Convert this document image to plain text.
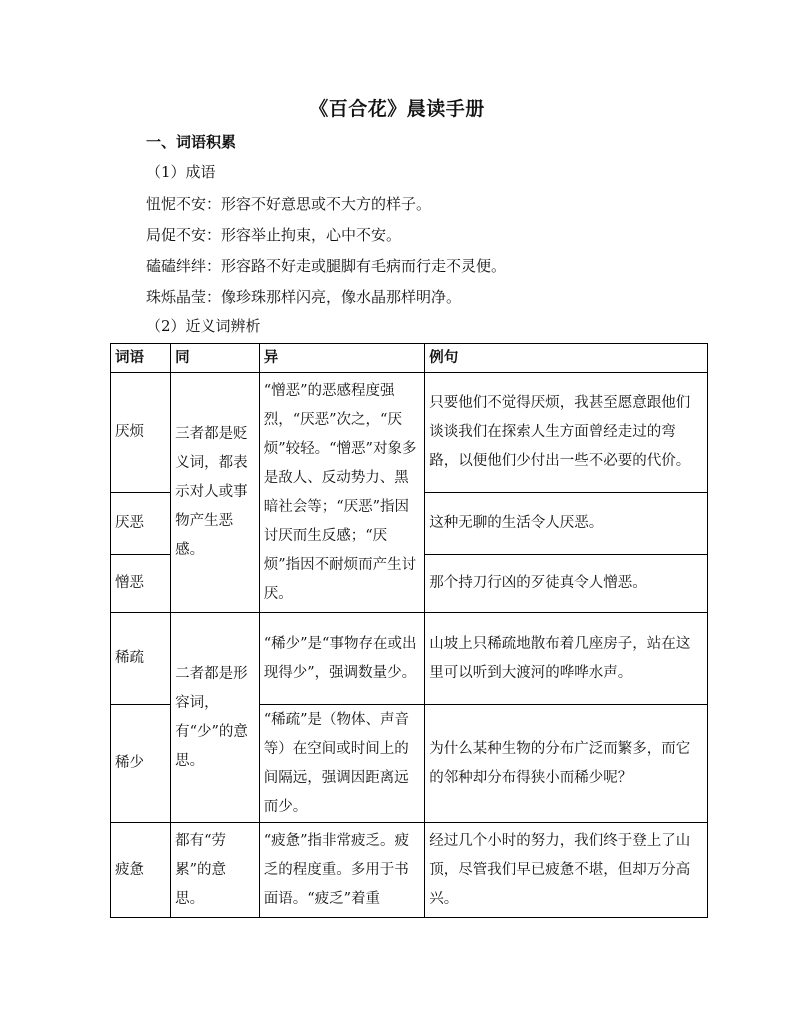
《百合花》晨读手册
一、词语积累
（1）成语
忸怩不安：形容不好意思或不大方的样子。
局促不安：形容举止拘束，心中不安。
磕磕绊绊：形容路不好走或腿脚有毛病而行走不灵便。
珠烁晶莹：像珍珠那样闪亮，像水晶那样明净。
（2）近义词辨析
词语	同	异	例句
厌烦	三者都是贬义词，都表示对人或事物产生恶感。	“憎恶”的恶感程度强烈，“厌恶”次之，“厌烦”较轻。“憎恶”对象多是敌人、反动势力、黑暗社会等；“厌恶”指因讨厌而生反感；“厌烦”指因不耐烦而产生讨厌。	只要他们不觉得厌烦，我甚至愿意跟他们谈谈我们在探索人生方面曾经走过的弯路，以便他们少付出一些不必要的代价。
厌恶			这种无聊的生活令人厌恶。
憎恶			那个持刀行凶的歹徒真令人憎恶。
稀疏	二者都是形容词，有“少”的意思。	“稀少”是“事物存在或出现得少”，强调数量少。	山坡上只稀疏地散布着几座房子，站在这里可以听到大渡河的哗哗水声。
稀少		“稀疏”是（物体、声音等）在空间或时间上的间隔远，强调因距离远而少。	为什么某种生物的分布广泛而繁多，而它的邻种却分布得狭小而稀少呢？
疲惫	都有“劳累”的意思。	“疲惫”指非常疲乏。疲乏的程度重。多用于书面语。“疲乏”着重	经过几个小时的努力，我们终于登上了山顶，尽管我们早已疲惫不堪，但却万分高兴。
